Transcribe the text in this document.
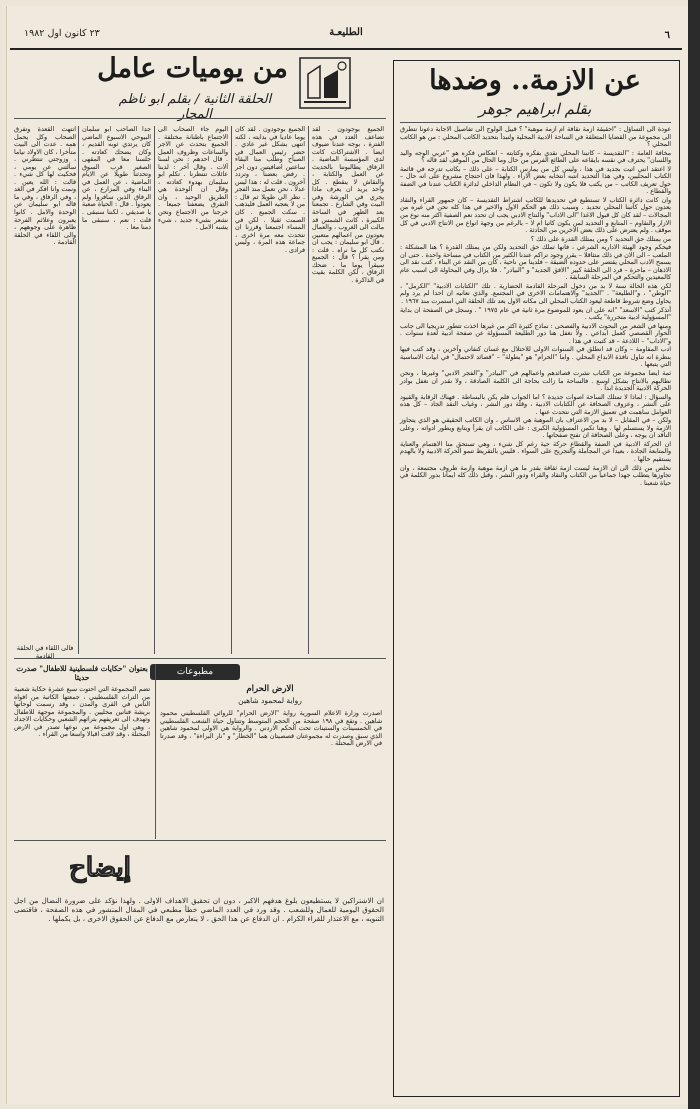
٦
الطليعـة
٢٣ كانون اول ١٩٨٢
عن الازمة.. وضدها
بقلم ابراهيم جوهر

عودة الى التساؤل : "احقيقة ازمة نقافة ام ازمة موهبة" ؟ قبيل الولوج الى تفاصيل الاجابة دعونا نتطرق الى مجموعة من القضايا المتعلقة في الساحة الادبية المحلية ولنبدأ بتحديد الكاتب المحلي : من هو الكاتب المحلي ؟

مخافة العامة : "التقديسة – كاتبنا المحلي نقدي بفكره وكتابته – انعكاس فكره هو "عربي الوجه واليد واللسان" يحترف في نقسه بايقاعه على الطائع الفرس من حال وما الحال من الموقف لقد قاله ؟

لا اعتقد انني اتيت بجديد في هذا ، وليس كل من يمارس الكتابة – على ذلك – بكاتب تدرجه في قائمة الكتاب المحليين، وفي هذا التحديد انتبه انتخابه بعض الاراء . ولهذا فان احتجاج مشروع على انه حال – حول تعريف الكاتب – من يكتب فلا يكون ولا تكون – في النظام الداخلي لدائرة الكتاب عندنا في الضفة والقطاع .

وان كانت دائرة الكتاب لا تستطيع في تحديدها للكاتب اشتراط التقديسة – كان جمهور القراء والنقاد يعدون حول كاتبنا المحلي تحديد . وسبب ذلك هو الحكم الاول والاخير في هذا كله نحن في غيره من المجالات – لقد كان كل قبول الاغذا "الى الاداب" والنتاج الادبي يجب ان تحدد نعم الصفية اكثر منه نوع من الازار والنقاوم – المتابع و التحديد لمن يكون كاتبا ام لا – بالرغم من وجهة انواع من الانتاج الادبي في كل موقف . ولم يعترض على ذلك بعض الاخرين من الحادثة .

من يمتلك حق التحديد ؟ ومن يمتلك القدرة على ذلك ؟

فيحكم وجود الهيئة الاداريه الشرعي ، فانها تملك حق التحديد ولكن من يمتلك القدرة ؟ هنا المشكلة : الملعب – الى الان في ذلك متثاقلا – يقرر وجود تراكم عندنا الكثير من الكتاب في مساحة واحدة . حتى ان يسمح الادب المحلي يقتصر على حدوده الضيقة – فلدينا من ناحية ، كان من النقد عن البناء ، كتب نقد الى الاذهان – ماحرة – فرد الى الحلقة كبير "الافق الجديد" و "البيادر" . فلا يزال وفي المحاولة الى اسبب عام كالمعيدين والتحكم في المرحلة السابقة .

لكن هذه الحالة سنة لا بد من دخول المرحلة القادمة الحضارية . تلك "الكتابات الادبية" "الكرمل" ، "الوطن" ، و"الطليعة" . "الجديد" والاهتمامات الاخرى في المجتمع. والذي نعانيه ان احدا لم يرد ولم يحاول وضع شروط قاطعة ليعود الكتاب المحلي الى مكانه الاول بعد تلك الحلقة التي استمرت منذ ١٩٦٧ .

أتذكر كتب "الاسعد" "انه على ان يعود للموضوع مرة ثانية في عام ١٩٧٥ " . وسجل في الصفحة ان بداية "المسؤولية ادبية متحررة" يكتب .

ومنها في الشعر من البحوث الادبية والفصحى : نماذج كثيرة اكثر من غيرها اخذت تتطور تدريجيا الى جانب الحوار القصصي كعمل ابداعي . ولا نغفل هنا دور الطليعة المسؤولة عن صفحة ادبية لعدة سنوات . و"الاداب" – اللاذعة – قد كتبت في هذا .

ادب المقاومة – وكان قد انطلق في السنوات الاولى للاحتلال مع غسان كنفاني وآخرين ، وقد كتب فيها بنظرة انه تناول نافذة الابداع المحلي . واما "الحرام" هو "بطولة" – "قصائد لاحتمال" في ابيات الاساسية التي يتبعها .

ثمة ايضا مجموعة من الكتاب نشرت قصائدهم واعمالهم في "البيادر" و"الفجر الادبي" وغيرها ، ونحن نطالبهم بالانتاج بشكل اوسع . فالساحة ما زالت بحاجة الى الكلمة الصادقة ، ولا نقدر ان نغفل بوادر الحركة الادبية الجديدة ابدا .

والسؤال : لماذا لا تمتلك الساحة اصوات جديدة ؟ اما الجواب فلم يكن بالبساطة . فهناك الرقابة والقيود على النشر ، وعزوف الصحافة عن الكتابات الادبية ، وقلة دور النشر ، وغياب النقد الجاد – كل هذه العوامل ساهمت في تعميق الازمة التي نتحدث عنها .

ولكن – في المقابل – لا بد من الاعتراف بان الموهبة هي الاساس ، وان الكاتب الحقيقي هو الذي يتجاوز الازمة ولا يستسلم لها . وهنا تكمن المسؤولية الكبرى : على الكاتب ان يقرأ ويتابع ويطور ادواته ، وعلى الناقد ان يوجه ، وعلى الصحافة ان تفتح صفحاتها .

ان الحركة الادبية في الضفة والقطاع حركة حية رغم كل شيء ، وهي تستحق منا الاهتمام والعناية والمتابعة الجادة ، بعيدا عن المجاملة والتجريح على السواء . فليس بالتقريظ تنمو الحركة الادبية ولا بالهدم يستقيم حالها .

نخلص من ذلك الى ان الازمة ليست ازمة ثقافة بقدر ما هي ازمة موهبة وازمة ظروف مجتمعة ، وان تجاوزها يتطلب جهدا جماعيا من الكتاب والنقاد والقراء ودور النشر ، وقبل ذلك كله ايمانا بدور الكلمة في حياة شعبنا .

من يوميات عامل
الحلقة الثانية / بقلم ابو ناظم المجار
الجميع بوجودون . لقد تضاعف العدد في هذه الفترة ، بوجه عندنا ضيوف ايضا . الاشتراكات كانت لدى المؤسسة الماضية . الرفاق يطالبوننا بالحديث عن العمل والكتابة ، والنقاش لا ينقطع . كل واحد يريد ان يعرف ماذا يجري في الورشة وفي البيت وفي الشارع . تجمعنا بعد الظهر في الساحة الكبيرة ، كانت الشمس قد مالت الى الغروب ، والعمال يعودون من اعمالهم متعبين . قال ابو سليمان : يجب ان نكتب كل ما نراه . قلت : ومن يقرأ ؟ قال : الجميع سيقرأ يوما ما . ضحك الرفاق ، لكن الكلمة بقيت في الذاكرة .
الجميع بوجودون . لقد كان يوما عاديا في بدايته ، لكنه انتهى بشكل غير عادي . حضر رئيس العمال في الصباح وطلب منا البقاء ساعتين اضافيتين دون اجر . رفض بعضنا ، وتردد آخرون . قلت له : هذا ليس عدلا ، نحن نعمل منذ الفجر . نظر الي طويلا ثم قال : من لا يعجبه العمل فليذهب . سكت الجميع . كان الصمت ثقيلا . لكن في المساء اجتمعنا وقررنا ان نتحدث معه مرة اخرى ، جماعة هذه المرة ، وليس فرادى .
اليوم جاء الصحاب الى الاجتماع باطنانة مختلفة . الجميع يتحدث عن الاجر والساعات وظروف العمل . قال احدهم : نحن لسنا آلات . وقال آخر : لدينا عائلات تنتظرنا . تكلم ابو سليمان بهدوء كعادته ، وقال ان الوحدة هي الطريق الوحيد ، وان التفرق يضعفنا جميعا . خرجنا من الاجتماع ونحن نشعر بشيء جديد ، شيء يشبه الامل .
جدا الصاحب ابو سلمان البيوحي الاسبوع الماضي كان يرتدي ثوبه القديم ، وكان يضحك كعادته . جلسنا معا في المقهى الصغير قرب السوق وتحدثنا طويلا عن الايام الماضية ، عن العمل في البناء وفي المزارع ، عن الرفاق الذين سافروا ولم يعودوا . قال : الحياة صعبة يا صديقي ، لكننا سنبقى . قلت : نعم ، سنبقى ما دمنا معا .
انتهت القعدة وتفرق الصحاب وكل يحمل همه . عدت الى البيت متأخرا ، كان الاولاد نياما ، وزوجتي تنتظرني . سألتني عن يومي ، فحكيت لها كل شيء . قالت : الله يعين . ونمت وانا افكر في الغد ، وفي الرفاق ، وفي ما قاله ابو سليمان عن الوحدة والامل . كانوا يعبرون وعلائم الفرحة ظاهرة على وجوههم ، والى اللقاء في الحلقة القادمة .
فالى اللقاء في الحلقة القادمة
مطبوعات
الارض الحرام
رواية لمحمود شاهين
اصدرت وزارة الاعلام السورية رواية "الارض الحرام" للروائي الفلسطيني محمود شاهين . وتقع في ١٩٨ صفحة من الحجم المتوسط وتتناول حياة الشعب الفلسطيني في الخمسينات والستينات تحت الحكم الاردني . والرواية هي الاولى لمحمود شاهين الذي سبق وصدرت له مجموعتان قصصيتان هما "الخطار" و "نار البراءة" ، وقد صدرتا في الارض المحتلة .
بعنوان "حكايات فلسطينية للاطفال" صدرت حديثا
تضم المجموعة التي احتوت سبع عشرة حكاية شعبية من التراث الفلسطيني ، جمعتها الكاتبة من افواه الناس في القرى والمدن ، وقد رسمت لوحاتها بريشة فنانين محليين . والمجموعة موجهة للاطفال وتهدف الى تعريفهم بتراثهم الشعبي وحكايات الاجداد ، وهي اول مجموعة من نوعها تصدر في الارض المحتلة ، وقد لاقت اقبالا واسعا من القراء .
إيضاح
ان الاشتراكين لا يستطيعون بلوغ هدفهم الاكبر ، دون ان تحقيق الاهداف الاولى . ولهذا نؤكد على ضرورة النضال من اجل الحقوق اليومية للعمال وللشعب . وقد ورد في العدد الماضي خطأ مطبعي في المقال المنشور في هذه الصفحة ، فاقتضى التنويه ، مع الاعتذار للقراء الكرام . ان الدفاع عن هذا الحق ، لا يتعارض مع الدفاع عن الحقوق الاخرى ، بل يكملها .
